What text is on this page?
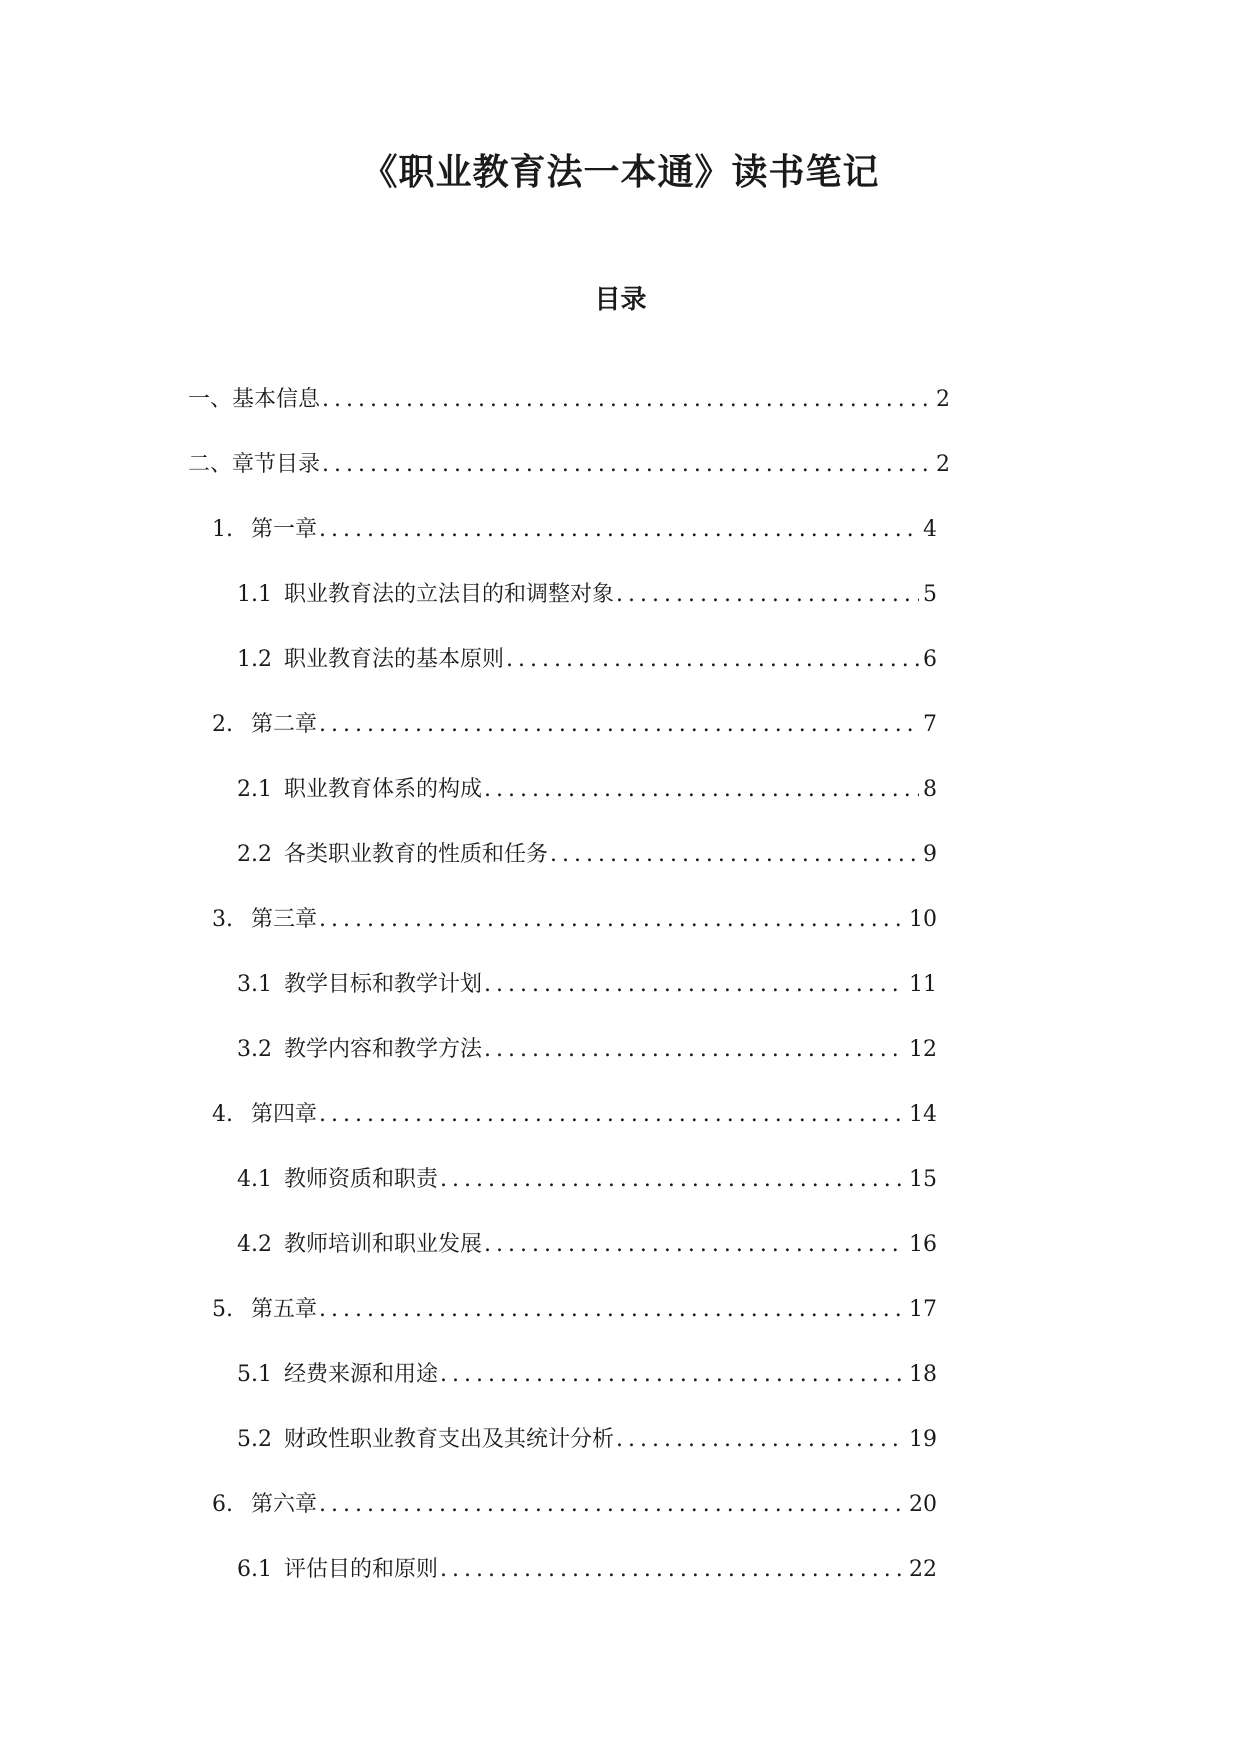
《职业教育法一本通》读书笔记
目录
一、 基本信息 .....	2
二、 章节目录 .....	2
1. 第一章 .....	4
1.1 职业教育法的立法目的和调整对象 .....	5
1.2 职业教育法的基本原则 .....	6
2. 第二章 .....	7
2.1 职业教育体系的构成 .....	8
2.2 各类职业教育的性质和任务 .....	9
3. 第三章 .....	10
3.1 教学目标和教学计划 .....	11
3.2 教学内容和教学方法 .....	12
4. 第四章 .....	14
4.1 教师资质和职责 .....	15
4.2 教师培训和职业发展 .....	16
5. 第五章 .....	17
5.1 经费来源和用途 .....	18
5.2 财政性职业教育支出及其统计分析 .....	19
6. 第六章 .....	20
6.1 评估目的和原则 .....	22
